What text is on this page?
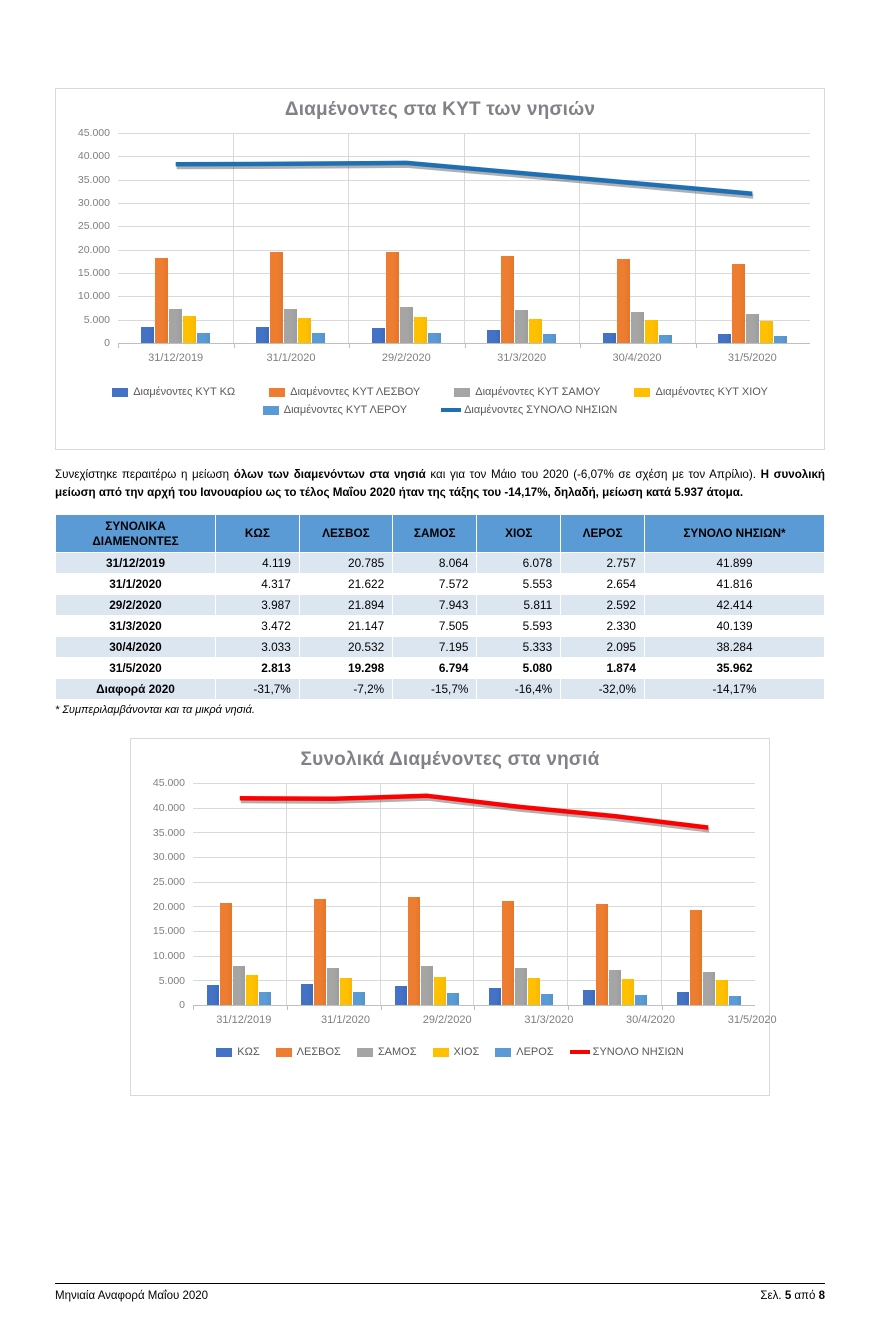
Διαμένοντες στα ΚΥΤ των νησιών
0
5.000
10.000
15.000
20.000
25.000
30.000
35.000
40.000
45.000
31/12/2019	31/1/2020	29/2/2020	31/3/2020	30/4/2020	31/5/2020
Διαμένοντες ΚΥΤ ΚΩ	Διαμένοντες ΚΥΤ ΛΕΣΒΟΥ	Διαμένοντες ΚΥΤ ΣΑΜΟΥ	Διαμένοντες ΚΥΤ ΧΙΟΥ
Διαμένοντες ΚΥΤ ΛΕΡΟΥ	Διαμένοντες ΣΥΝΟΛΟ ΝΗΣΙΩΝ

Συνεχίστηκε περαιτέρω η μείωση όλων των διαμενόντων στα νησιά και για τον Μάιο του 2020 (-6,07% σε σχέση με τον Απρίλιο). Η συνολική μείωση από την αρχή του Ιανουαρίου ως το τέλος Μαΐου 2020 ήταν της τάξης του -14,17%, δηλαδή, μείωση κατά 5.937 άτομα.

ΣΥΝΟΛΙΚΑ ΔΙΑΜΕΝΟΝΤΕΣ	ΚΩΣ	ΛΕΣΒΟΣ	ΣΑΜΟΣ	ΧΙΟΣ	ΛΕΡΟΣ	ΣΥΝΟΛΟ ΝΗΣΙΩΝ*
31/12/2019	4.119	20.785	8.064	6.078	2.757	41.899
31/1/2020	4.317	21.622	7.572	5.553	2.654	41.816
29/2/2020	3.987	21.894	7.943	5.811	2.592	42.414
31/3/2020	3.472	21.147	7.505	5.593	2.330	40.139
30/4/2020	3.033	20.532	7.195	5.333	2.095	38.284
31/5/2020	2.813	19.298	6.794	5.080	1.874	35.962
Διαφορά 2020	-31,7%	-7,2%	-15,7%	-16,4%	-32,0%	-14,17%
* Συμπεριλαμβάνονται και τα μικρά νησιά.
Συνολικά Διαμένοντες στα νησιά
0
5.000
10.000
15.000
20.000
25.000
30.000
35.000
40.000
45.000
31/12/2019	31/1/2020	29/2/2020	31/3/2020	30/4/2020	31/5/2020
ΚΩΣ	ΛΕΣΒΟΣ	ΣΑΜΟΣ	ΧΙΟΣ	ΛΕΡΟΣ	ΣΥΝΟΛΟ ΝΗΣΙΩΝ
Μηνιαία Αναφορά Μαΐου 2020	Σελ. 5 από 8
